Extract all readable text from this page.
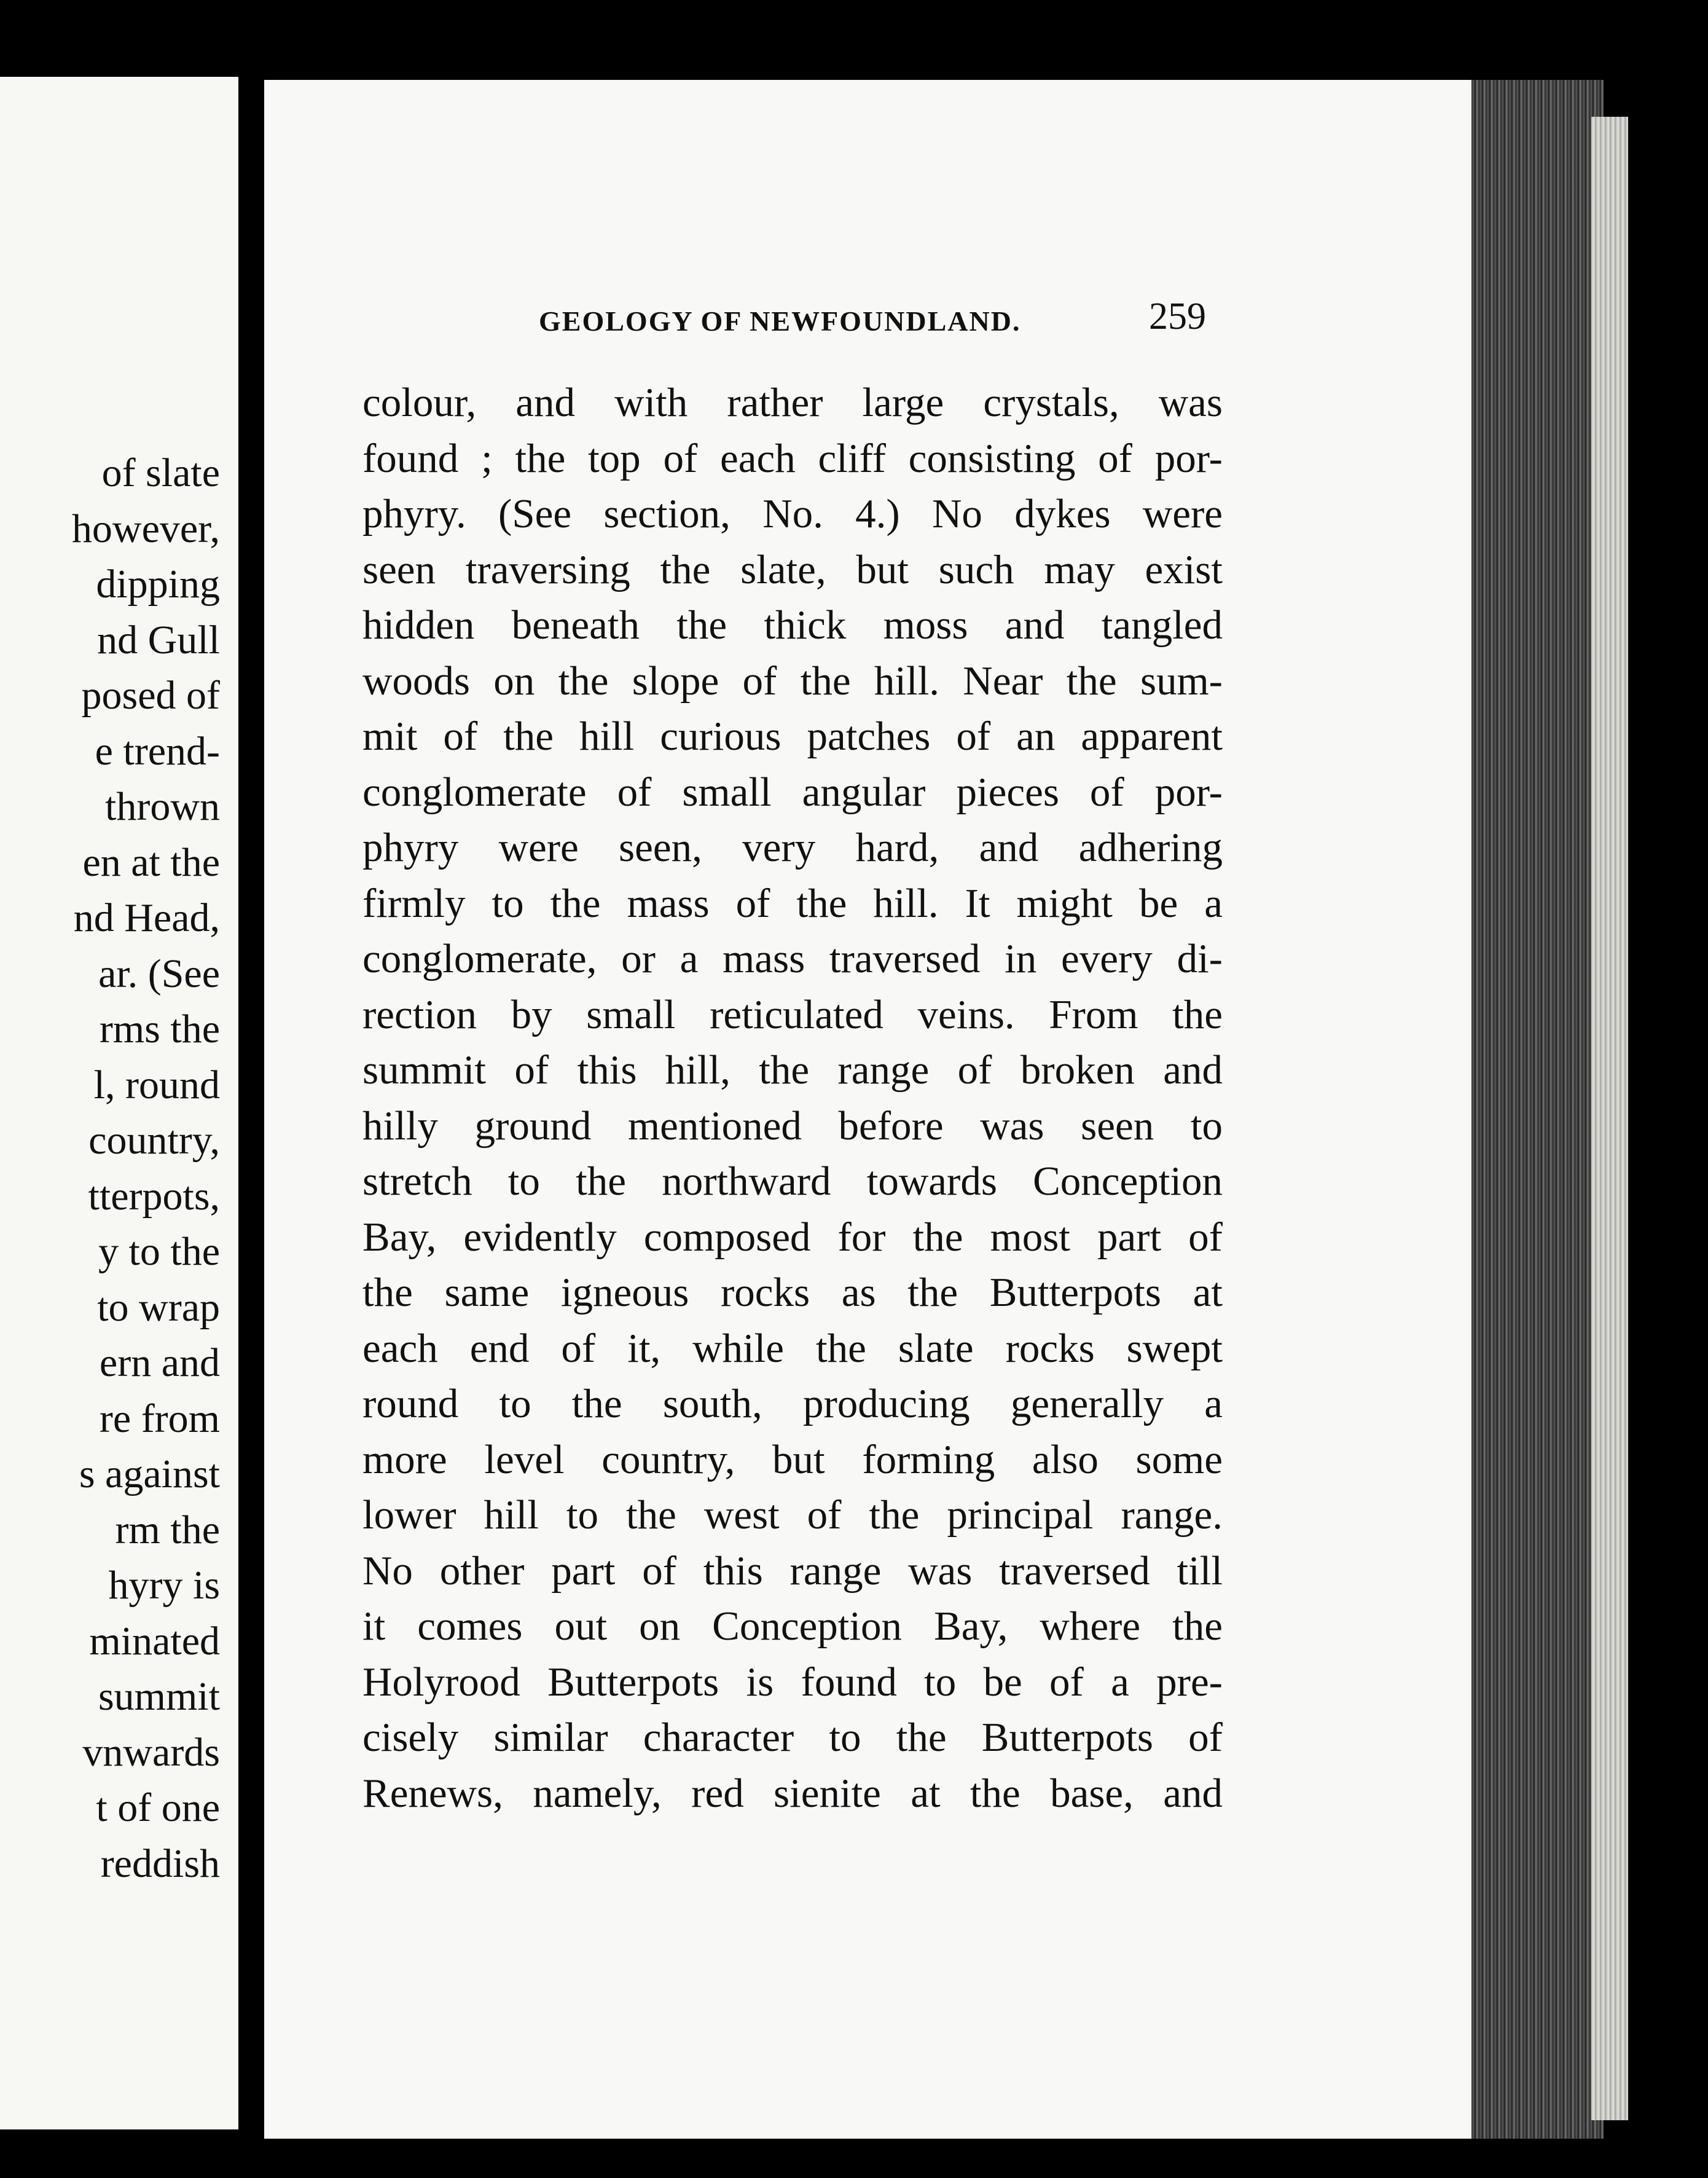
of slate
however,
dipping
nd Gull
posed of
e trend-
thrown
en at the
nd Head,
ar. (See
rms the
l, round
country,
tterpots,
y to the
to wrap
ern and
re from
s against
rm the
hyry is
minated
summit
vnwards
t of one
reddish
GEOLOGY OF NEWFOUNDLAND.	259
colour, and with rather large crystals, was
found ; the top of each cliff consisting of por-
phyry. (See section, No. 4.) No dykes were
seen traversing the slate, but such may exist
hidden beneath the thick moss and tangled
woods on the slope of the hill. Near the sum-
mit of the hill curious patches of an apparent
conglomerate of small angular pieces of por-
phyry were seen, very hard, and adhering
firmly to the mass of the hill. It might be a
conglomerate, or a mass traversed in every di-
rection by small reticulated veins. From the
summit of this hill, the range of broken and
hilly ground mentioned before was seen to
stretch to the northward towards Conception
Bay, evidently composed for the most part of
the same igneous rocks as the Butterpots at
each end of it, while the slate rocks swept
round to the south, producing generally a
more level country, but forming also some
lower hill to the west of the principal range.
No other part of this range was traversed till
it comes out on Conception Bay, where the
Holyrood Butterpots is found to be of a pre-
cisely similar character to the Butterpots of
Renews, namely, red sienite at the base, and
